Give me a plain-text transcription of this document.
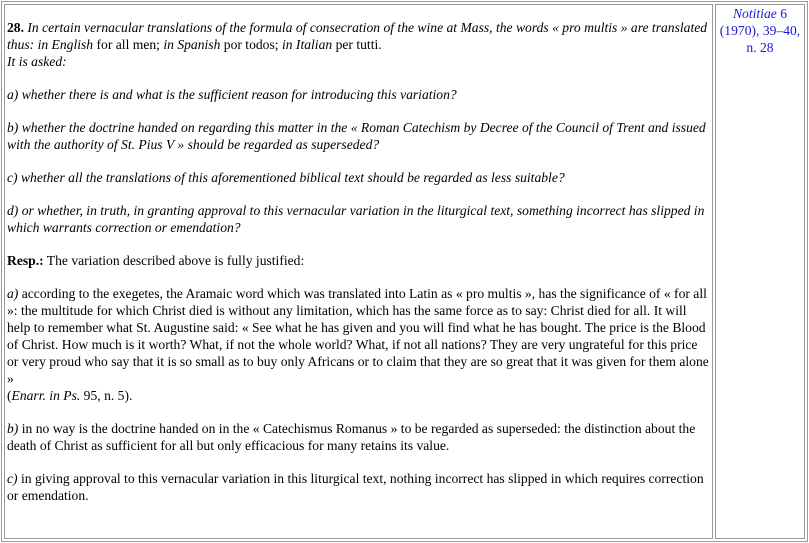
28. In certain vernacular translations of the formula of consecration of the wine at Mass, the words « pro multis » are translated thus: in English for all men; in Spanish por todos; in Italian per tutti.

It is asked:

a) whether there is and what is the sufficient reason for introducing this variation?

b) whether the doctrine handed on regarding this matter in the « Roman Catechism by Decree of the Council of Trent and issued with the authority of St. Pius V » should be regarded as superseded?

c) whether all the translations of this aforementioned biblical text should be regarded as less suitable?

d) or whether, in truth, in granting approval to this vernacular variation in the liturgical text, something incorrect has slipped in which warrants correction or emendation?

Resp.: The variation described above is fully justified:

a) according to the exegetes, the Aramaic word which was translated into Latin as « pro multis », has the significance of « for all »: the multitude for which Christ died is without any limitation, which has the same force as to say: Christ died for all. It will help to remember what St. Augustine said: « See what he has given and you will find what he has bought. The price is the Blood of Christ. How much is it worth? What, if not the whole world? What, if not all nations? They are very ungrateful for this price or very proud who say that it is so small as to buy only Africans or to claim that they are so great that it was given for them alone »
(Enarr. in Ps. 95, n. 5).

b) in no way is the doctrine handed on in the « Catechismus Romanus » to be regarded as superseded: the distinction about the death of Christ as sufficient for all but only efficacious for many retains its value.

c) in giving approval to this vernacular variation in this liturgical text, nothing incorrect has slipped in which requires correction or emendation.

	Notitiae 6 (1970), 39–40, n. 28
